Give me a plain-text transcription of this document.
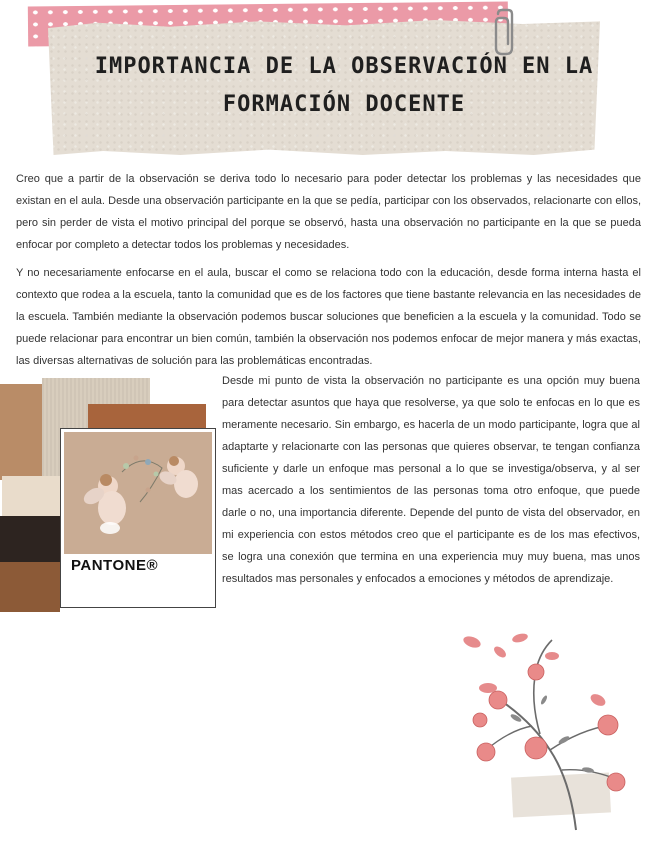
IMPORTANCIA DE LA OBSERVACIÓN EN LA FORMACIÓN DOCENTE

Creo que a partir de la observación se deriva todo lo necesario para poder detectar los problemas y las necesidades que existan en el aula. Desde una observación participante en la que se pedía, participar con los observados, relacionarte con ellos, pero sin perder de vista el motivo principal del porque se observó, hasta una observación no participante en la que se pueda enfocar por completo a detectar todos los problemas y necesidades.

Y no necesariamente enfocarse en el aula, buscar el como se relaciona todo con la educación, desde forma interna hasta el contexto que rodea a la escuela, tanto la comunidad que es de los factores que tiene bastante relevancia en las necesidades de la escuela. También mediante la observación podemos buscar soluciones que beneficien a la escuela y la comunidad. Todo se puede relacionar para encontrar un bien común, también la observación nos podemos enfocar de mejor manera y más exactas, las diversas alternativas de solución para las problemáticas encontradas.

Desde mi punto de vista la observación no participante es una opción muy buena para detectar asuntos que haya que resolverse, ya que solo te enfocas en lo que es meramente necesario. Sin embargo, es hacerla de un modo participante, logra que al adaptarte y relacionarte con las personas que quieres observar, te tengan confianza suficiente y darle un enfoque mas personal a lo que se investiga/observa, y al ser mas acercado a los sentimientos de las personas toma otro enfoque, que puede darle o no, una importancia diferente. Depende del punto de vista del observador, en mi experiencia con estos métodos creo que el participante es de los mas efectivos, se logra una conexión que termina en una experiencia muy muy buena, mas unos resultados mas personales y enfocados a emociones y métodos de aprendizaje.

PANTONE®
